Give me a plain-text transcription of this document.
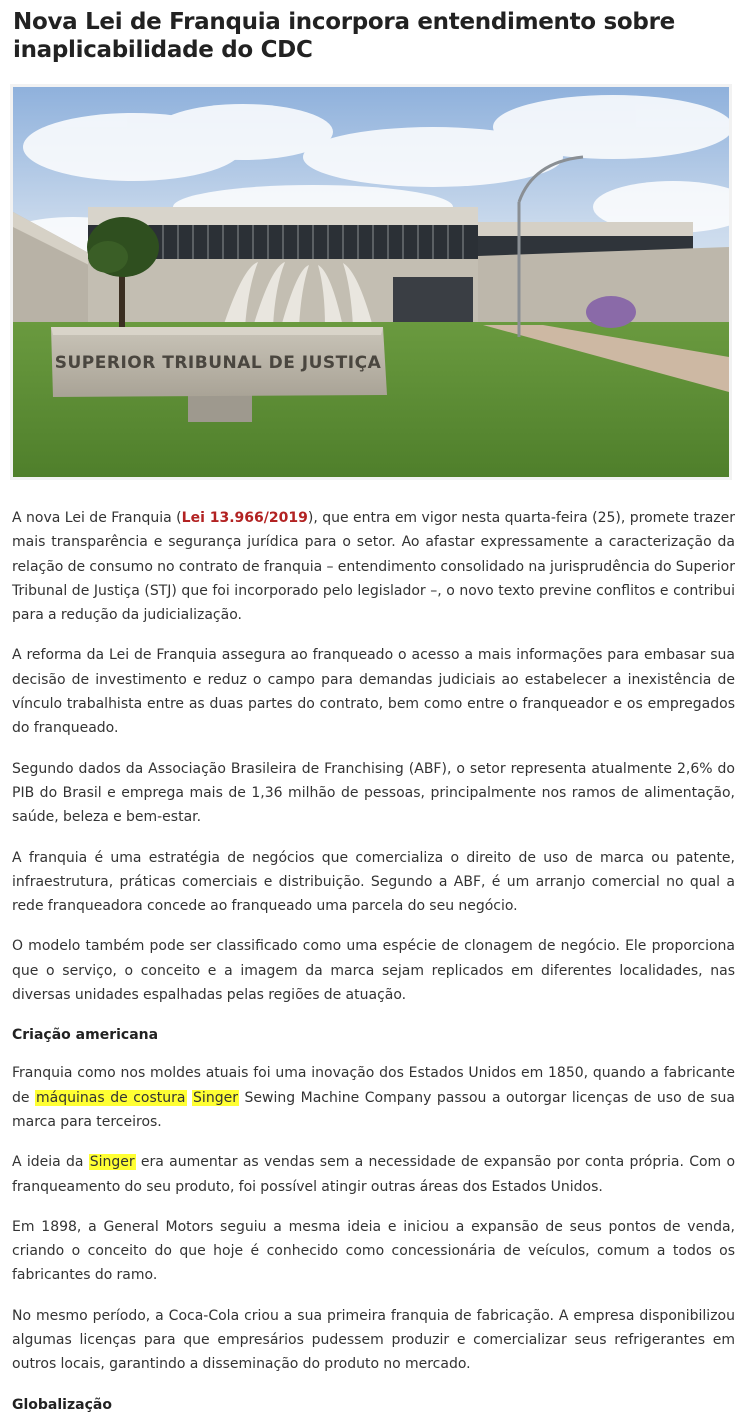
Nova Lei de Franquia incorpora entendimento sobre inaplicabilidade do CDC
SUPERIOR TRIBUNAL DE JUSTIÇA

A nova Lei de Franquia (Lei 13.966/2019), que entra em vigor nesta quarta-feira (25), promete trazer mais transparência e segurança jurídica para o setor. Ao afastar expressamente a caracterização da relação de consumo no contrato de franquia – entendimento consolidado na jurisprudência do Superior Tribunal de Justiça (STJ) que foi incorporado pelo legislador –, o novo texto previne conflitos e contribui para a redução da judicialização.

A reforma da Lei de Franquia assegura ao franqueado o acesso a mais informações para embasar sua decisão de investimento e reduz o campo para demandas judiciais ao estabelecer a inexistência de vínculo trabalhista entre as duas partes do contrato, bem como entre o franqueador e os empregados do franqueado.

Segundo dados da Associação Brasileira de Franchising (ABF), o setor representa atualmente 2,6% do PIB do Brasil e emprega mais de 1,36 milhão de pessoas, principalmente nos ramos de alimentação, saúde, beleza e bem-estar.

A franquia é uma estratégia de negócios que comercializa o direito de uso de marca ou patente, infraestrutura, práticas comerciais e distribuição. Segundo a ABF, é um arranjo comercial no qual a rede franqueadora concede ao franqueado uma parcela do seu negócio.

O modelo também pode ser classificado como uma espécie de clonagem de negócio. Ele proporciona que o serviço, o conceito e a imagem da marca sejam replicados em diferentes localidades, nas diversas unidades espalhadas pelas regiões de atuação.

Criação americana

Franquia como nos moldes atuais foi uma inovação dos Estados Unidos em 1850, quando a fabricante de máquinas de costura Singer Sewing Machine Company passou a outorgar licenças de uso de sua marca para terceiros.

A ideia da Singer era aumentar as vendas sem a necessidade de expansão por conta própria. Com o franqueamento do seu produto, foi possível atingir outras áreas dos Estados Unidos.

Em 1898, a General Motors seguiu a mesma ideia e iniciou a expansão de seus pontos de venda, criando o conceito do que hoje é conhecido como concessionária de veículos, comum a todos os fabricantes do ramo.

No mesmo período, a Coca-Cola criou a sua primeira franquia de fabricação. A empresa disponibilizou algumas licenças para que empresários pudessem produzir e comercializar seus refrigerantes em outros locais, garantindo a disseminação do produto no mercado.

Globalização
